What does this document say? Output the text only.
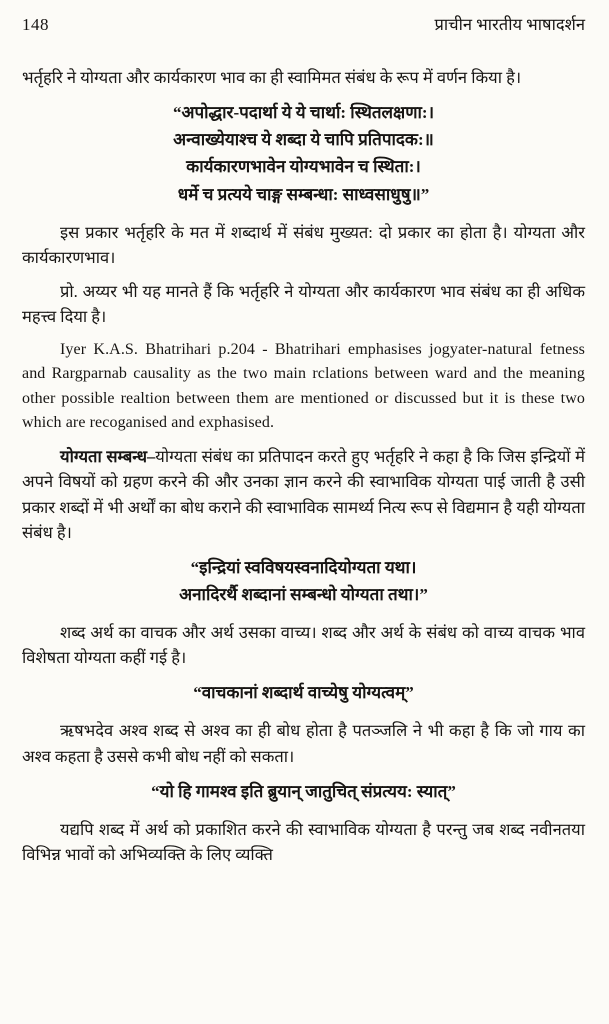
148	प्राचीन भारतीय भाषादर्शन

भर्तृहरि ने योग्यता और कार्यकारण भाव का ही स्वामिमत संबंध के रूप में वर्णन किया है।

“अपोद्धार-पदार्था ये ये चार्था: स्थितलक्षणा:।
अन्वाख्येयाश्च ये शब्दा ये चापि प्रतिपादक:॥
कार्यकारणभावेन योग्यभावेन च स्थिता:।
धर्मे च प्रत्यये चाङ्ग सम्बन्धा: साध्वसाधुषु॥”

इस प्रकार भर्तृहरि के मत में शब्दार्थ में संबंध मुख्यत: दो प्रकार का होता है। योग्यता और कार्यकारणभाव।

प्रो. अय्यर भी यह मानते हैं कि भर्तृहरि ने योग्यता और कार्यकारण भाव संबंध का ही अधिक महत्त्व दिया है।

Iyer K.A.S. Bhatrihari p.204 - Bhatrihari emphasises jogyater-natural fetness and Rargparnab causality as the two main rclations between ward and the meaning other possible realtion between them are mentioned or discussed but it is these two which are recoganised and exphasised.

योग्यता सम्बन्ध–योग्यता संबंध का प्रतिपादन करते हुए भर्तृहरि ने कहा है कि जिस इन्द्रियों में अपने विषयों को ग्रहण करने की और उनका ज्ञान करने की स्वाभाविक योग्यता पाई जाती है उसी प्रकार शब्दों में भी अर्थों का बोध कराने की स्वाभाविक सामर्थ्य नित्य रूप से विद्यमान है यही योग्यता संबंध है।

“इन्द्रियां स्वविषयस्वनादियोग्यता यथा।
अनादिरर्थै शब्दानां सम्बन्धो योग्यता तथा।”

शब्द अर्थ का वाचक और अर्थ उसका वाच्य। शब्द और अर्थ के संबंध को वाच्य वाचक भाव विशेषता योग्यता कहीं गई है।

“वाचकानां शब्दार्थ वाच्येषु योग्यत्वम्”

ऋषभदेव अश्व शब्द से अश्व का ही बोध होता है पतञ्जलि ने भी कहा है कि जो गाय का अश्व कहता है उससे कभी बोध नहीं को सकता।

“यो हि गामश्व इति ब्रुयान् जातुचित् संप्रत्यय: स्यात्”

यद्यपि शब्द में अर्थ को प्रकाशित करने की स्वाभाविक योग्यता है परन्तु जब शब्द नवीनतया विभिन्न भावों को अभिव्यक्ति के लिए व्यक्ति
